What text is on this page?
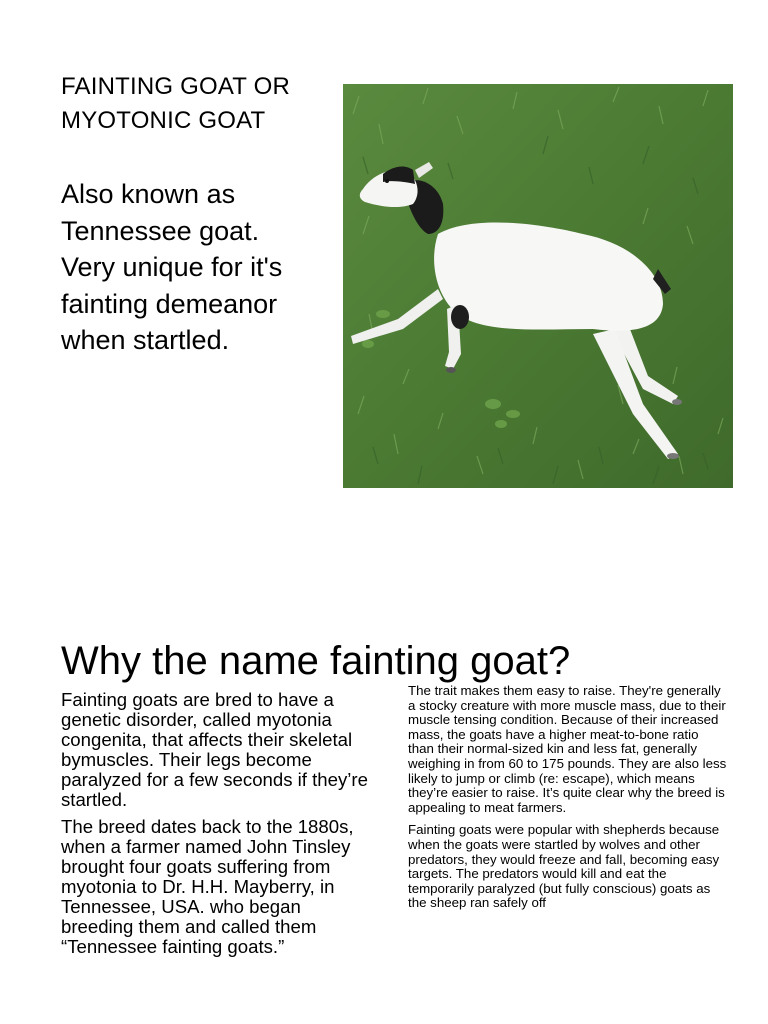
FAINTING GOAT OR MYOTONIC GOAT
Also known as Tennessee goat. Very unique for it's fainting demeanor when startled.
Why the name fainting goat?

Fainting goats are bred to have a genetic disorder, called myotonia congenita, that affects their skeletal bymuscles. Their legs become paralyzed for a few seconds if they’re startled.

The breed dates back to the 1880s, when a farmer named John Tinsley brought four goats suffering from myotonia to Dr. H.H. Mayberry, in Tennessee, USA. who began breeding them and called them “Tennessee fainting goats.”

The trait makes them easy to raise. They're generally a stocky creature with more muscle mass, due to their muscle tensing condition. Because of their increased mass, the goats have a higher meat-to-bone ratio than their normal-sized kin and less fat, generally weighing in from 60 to 175 pounds. They are also less likely to jump or climb (re: escape), which means they’re easier to raise. It’s quite clear why the breed is appealing to meat farmers.

Fainting goats were popular with shepherds because when the goats were startled by wolves and other predators, they would freeze and fall, becoming easy targets. The predators would kill and eat the temporarily paralyzed (but fully conscious) goats as the sheep ran safely off
